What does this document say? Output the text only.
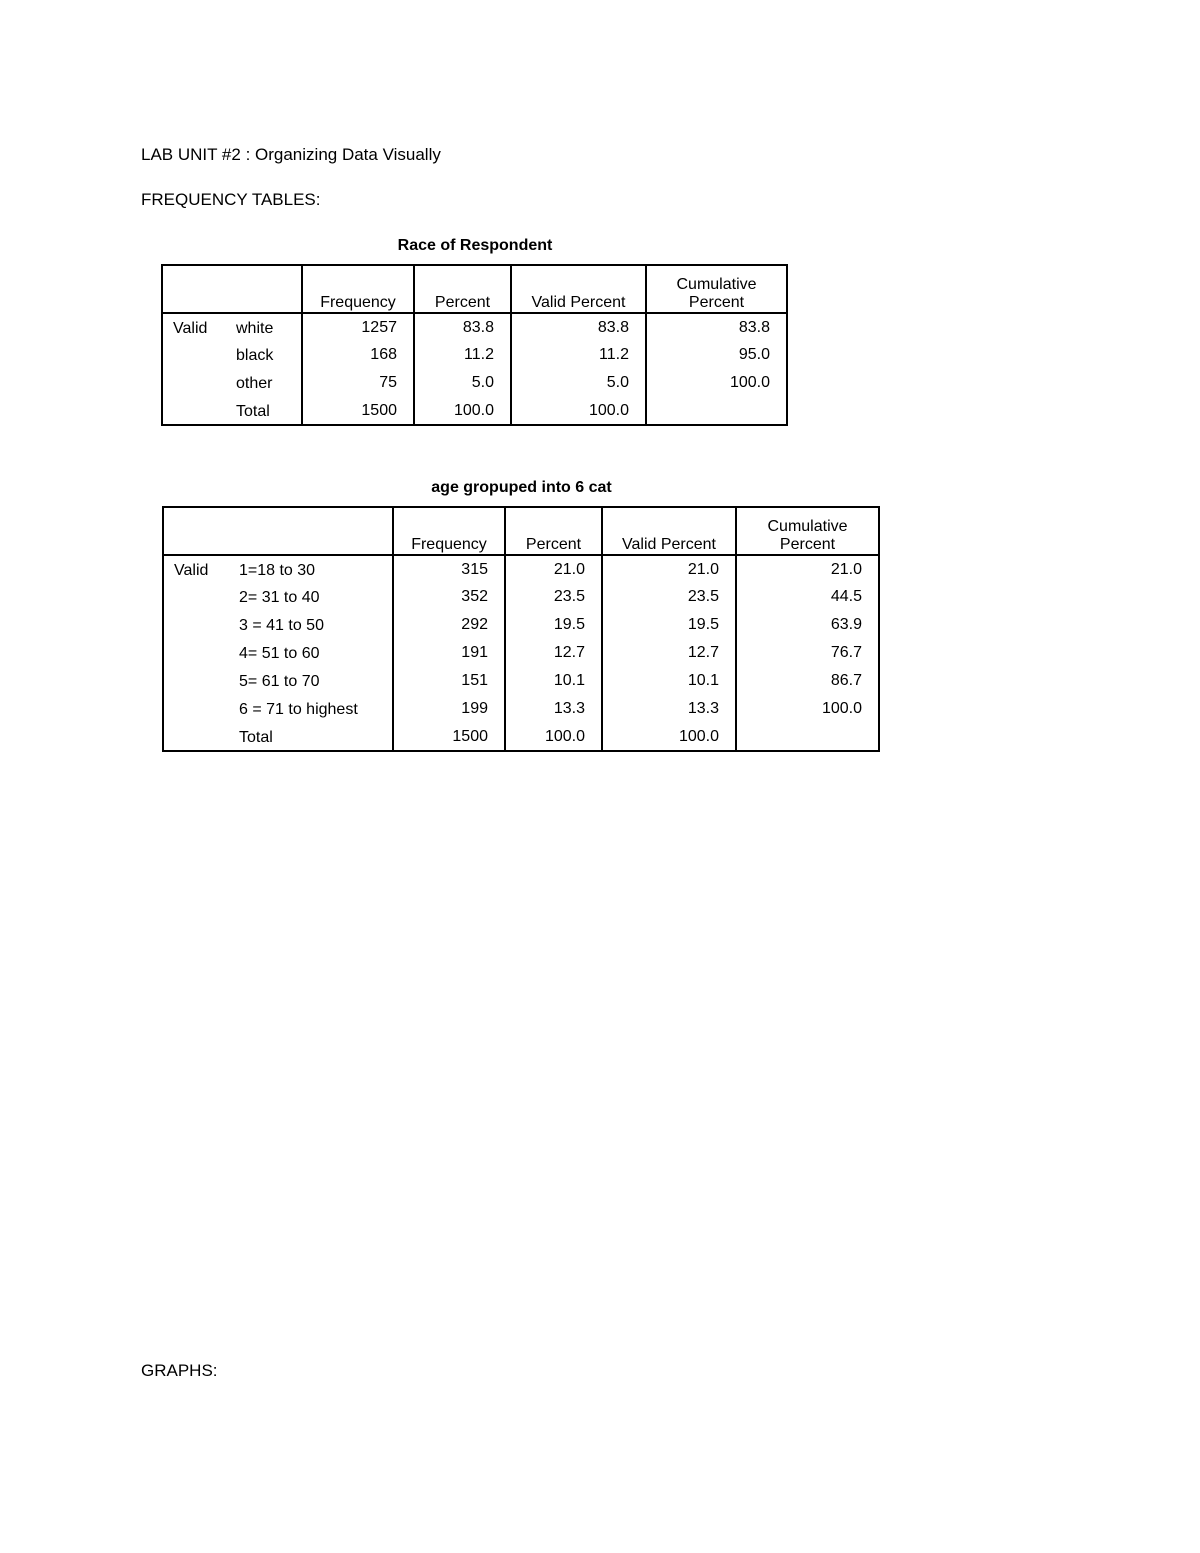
LAB UNIT #2 : Organizing Data Visually
FREQUENCY TABLES:
Race of Respondent
		Frequency	Percent	Valid Percent	Cumulative Percent
Valid	white	1257	83.8	83.8	83.8
	black	168	11.2	11.2	95.0
	other	75	5.0	5.0	100.0
	Total	1500	100.0	100.0	
age gropuped into 6 cat
		Frequency	Percent	Valid Percent	Cumulative Percent
Valid	1=18 to 30	315	21.0	21.0	21.0
	2= 31 to 40	352	23.5	23.5	44.5
	3 = 41 to 50	292	19.5	19.5	63.9
	4= 51 to 60	191	12.7	12.7	76.7
	5= 61 to 70	151	10.1	10.1	86.7
	6 = 71 to highest	199	13.3	13.3	100.0
	Total	1500	100.0	100.0	
GRAPHS:
